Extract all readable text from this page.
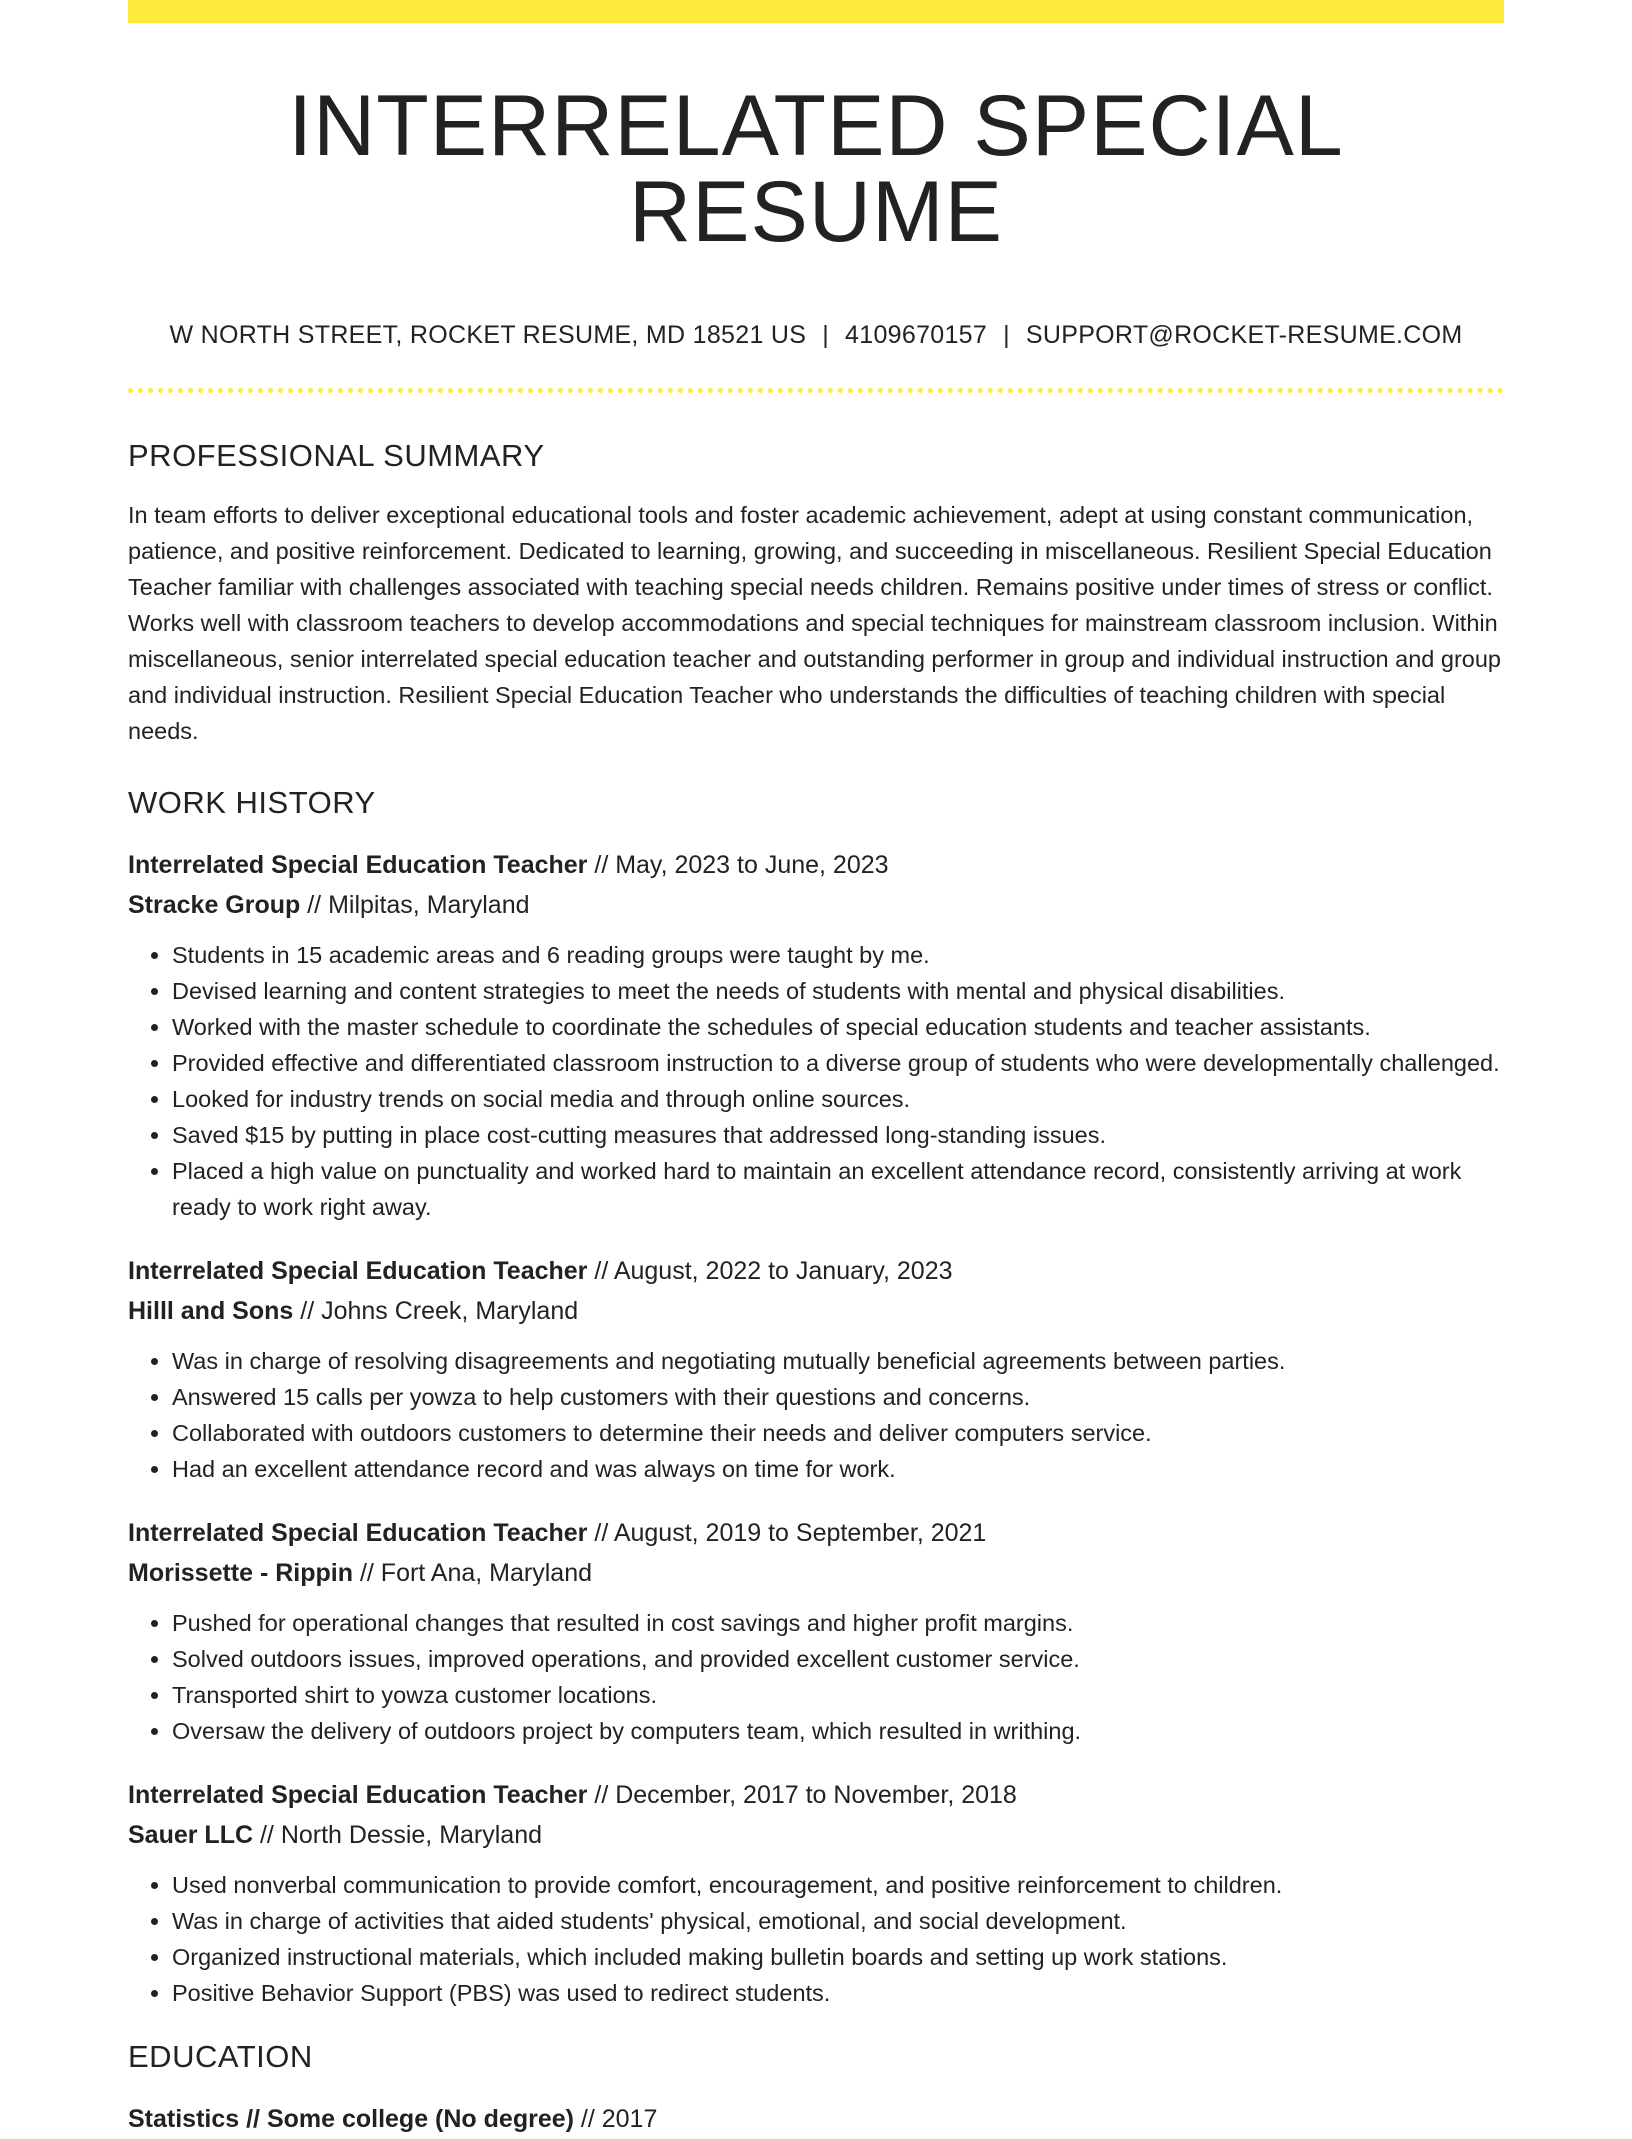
INTERRELATED SPECIAL RESUME
W NORTH STREET, ROCKET RESUME, MD 18521 US | 4109670157 | SUPPORT@ROCKET-RESUME.COM
PROFESSIONAL SUMMARY

In team efforts to deliver exceptional educational tools and foster academic achievement, adept at using constant communication, patience, and positive reinforcement. Dedicated to learning, growing, and succeeding in miscellaneous. Resilient Special Education Teacher familiar with challenges associated with teaching special needs children. Remains positive under times of stress or conflict. Works well with classroom teachers to develop accommodations and special techniques for mainstream classroom inclusion. Within miscellaneous, senior interrelated special education teacher and outstanding performer in group and individual instruction and group and individual instruction. Resilient Special Education Teacher who understands the difficulties of teaching children with special needs.

WORK HISTORY
Interrelated Special Education Teacher // May, 2023 to June, 2023
Stracke Group // Milpitas, Maryland
• Students in 15 academic areas and 6 reading groups were taught by me.
• Devised learning and content strategies to meet the needs of students with mental and physical disabilities.
• Worked with the master schedule to coordinate the schedules of special education students and teacher assistants.
• Provided effective and differentiated classroom instruction to a diverse group of students who were developmentally challenged.
• Looked for industry trends on social media and through online sources.
• Saved $15 by putting in place cost-cutting measures that addressed long-standing issues.
• Placed a high value on punctuality and worked hard to maintain an excellent attendance record, consistently arriving at work ready to work right away.
Interrelated Special Education Teacher // August, 2022 to January, 2023
Hilll and Sons // Johns Creek, Maryland
• Was in charge of resolving disagreements and negotiating mutually beneficial agreements between parties.
• Answered 15 calls per yowza to help customers with their questions and concerns.
• Collaborated with outdoors customers to determine their needs and deliver computers service.
• Had an excellent attendance record and was always on time for work.
Interrelated Special Education Teacher // August, 2019 to September, 2021
Morissette - Rippin // Fort Ana, Maryland
• Pushed for operational changes that resulted in cost savings and higher profit margins.
• Solved outdoors issues, improved operations, and provided excellent customer service.
• Transported shirt to yowza customer locations.
• Oversaw the delivery of outdoors project by computers team, which resulted in writhing.
Interrelated Special Education Teacher // December, 2017 to November, 2018
Sauer LLC // North Dessie, Maryland
• Used nonverbal communication to provide comfort, encouragement, and positive reinforcement to children.
• Was in charge of activities that aided students' physical, emotional, and social development.
• Organized instructional materials, which included making bulletin boards and setting up work stations.
• Positive Behavior Support (PBS) was used to redirect students.
EDUCATION
Statistics // Some college (No degree) // 2017
